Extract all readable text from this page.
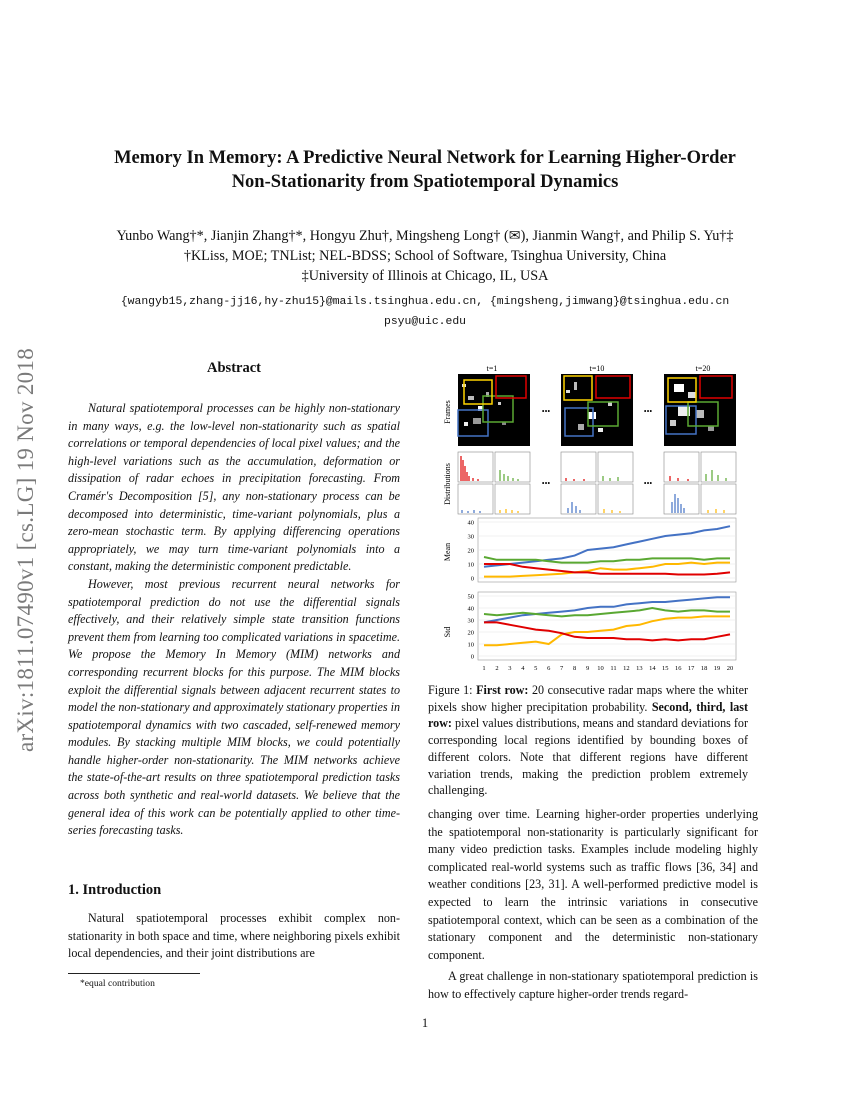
Memory In Memory: A Predictive Neural Network for Learning Higher-Order
Non-Stationarity from Spatiotemporal Dynamics
Yunbo Wang†*, Jianjin Zhang†*, Hongyu Zhu†, Mingsheng Long† (✉), Jianmin Wang†, and Philip S. Yu†‡
†KLiss, MOE; TNList; NEL-BDSS; School of Software, Tsinghua University, China
‡University of Illinois at Chicago, IL, USA
{wangyb15,zhang-jj16,hy-zhu15}@mails.tsinghua.edu.cn, {mingsheng,jimwang}@tsinghua.edu.cn
psyu@uic.edu
arXiv:1811.07490v1 [cs.LG] 19 Nov 2018	Abstract

Natural spatiotemporal processes can be highly non-stationary in many ways, e.g. the low-level non-stationarity such as spatial correlations or temporal dependencies of local pixel values; and the high-level variations such as the accumulation, deformation or dissipation of radar echoes in precipitation forecasting. From Cramér's Decomposition [5], any non-stationary process can be decomposed into deterministic, time-variant polynomials, plus a zero-mean stochastic term. By applying differencing operations appropriately, we may turn time-variant polynomials into a constant, making the deterministic component predictable.

However, most previous recurrent neural networks for spatiotemporal prediction do not use the differential signals effectively, and their relatively simple state transition functions prevent them from learning too complicated variations in spacetime. We propose the Memory In Memory (MIM) networks and corresponding recurrent blocks for this purpose. The MIM blocks exploit the differential signals between adjacent recurrent states to model the non-stationary and approximately stationary properties in spatiotemporal dynamics with two cascaded, self-renewed memory modules. By stacking multiple MIM blocks, we could potentially handle higher-order non-stationarity. The MIM networks achieve the state-of-the-art results on three spatiotemporal prediction tasks across both synthetic and real-world datasets. We believe that the general idea of this work can be potentially applied to other time-series forecasting tasks.

1. Introduction

Natural spatiotemporal processes exhibit complex non-stationarity in both space and time, where neighboring pixels exhibit local dependencies, and their joint distributions are

*equal contribution
t=1	t=10	t=20
Frames
Distributions
Mean
Std
•••	•••
•••	•••
0
10
20
30
40
0
10
20
30
40
50
1 2 3 4 5 6 7 8 9 10 11 12 13 14 15 16 17 18 19 20
Figure 1: First row: 20 consecutive radar maps where the whiter pixels show higher precipitation probability. Second, third, last row: pixel values distributions, means and standard deviations for corresponding local regions identified by bounding boxes of different colors. Note that different regions have different variation trends, making the prediction problem extremely challenging.

changing over time. Learning higher-order properties underlying the spatiotemporal non-stationarity is particularly significant for many video prediction tasks. Examples include modeling highly complicated real-world systems such as traffic flows [36, 34] and weather conditions [23, 31]. A well-performed predictive model is expected to learn the intrinsic variations in consecutive spatiotemporal context, which can be seen as a combination of the stationary component and the deterministic non-stationary component.

A great challenge in non-stationary spatiotemporal prediction is how to effectively capture higher-order trends regard-

1
